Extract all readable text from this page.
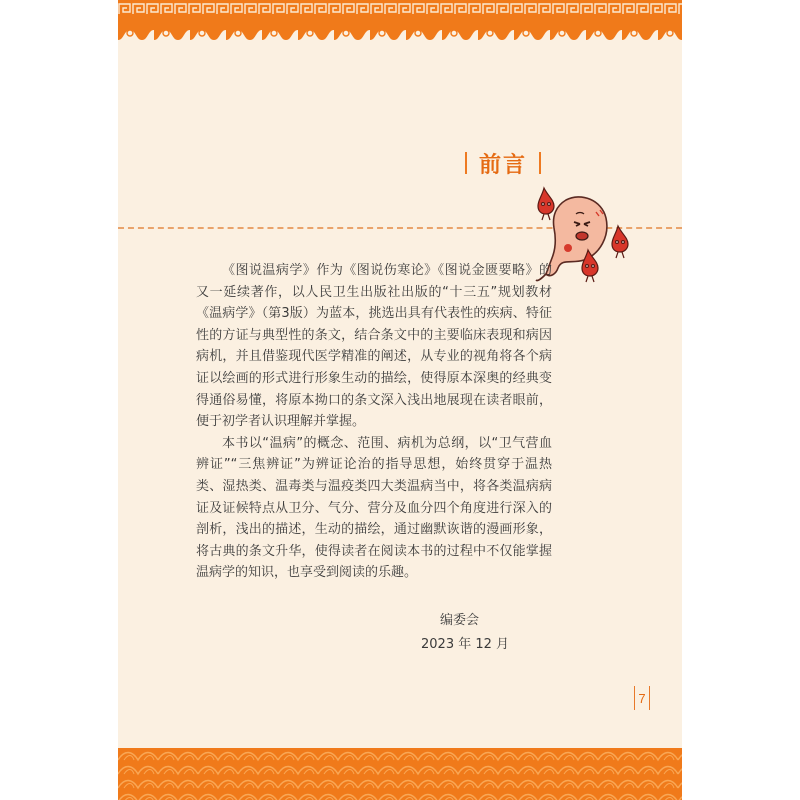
前言

《图说温病学》作为《图说伤寒论》《图说金匮要略》的又一延续著作，以人民卫生出版社出版的“十三五”规划教材《温病学》（第3版）为蓝本，挑选出具有代表性的疾病、特征性的方证与典型性的条文，结合条文中的主要临床表现和病因病机，并且借鉴现代医学精准的阐述，从专业的视角将各个病证以绘画的形式进行形象生动的描绘，使得原本深奥的经典变得通俗易懂，将原本拗口的条文深入浅出地展现在读者眼前，便于初学者认识理解并掌握。

本书以“温病”的概念、范围、病机为总纲，以“卫气营血辨证”“三焦辨证”为辨证论治的指导思想，始终贯穿于温热类、湿热类、温毒类与温疫类四大类温病当中，将各类温病病证及证候特点从卫分、气分、营分及血分四个角度进行深入的剖析，浅出的描述，生动的描绘，通过幽默诙谐的漫画形象，将古典的条文升华，使得读者在阅读本书的过程中不仅能掌握温病学的知识，也享受到阅读的乐趣。

编委会
2023 年 12 月
7
